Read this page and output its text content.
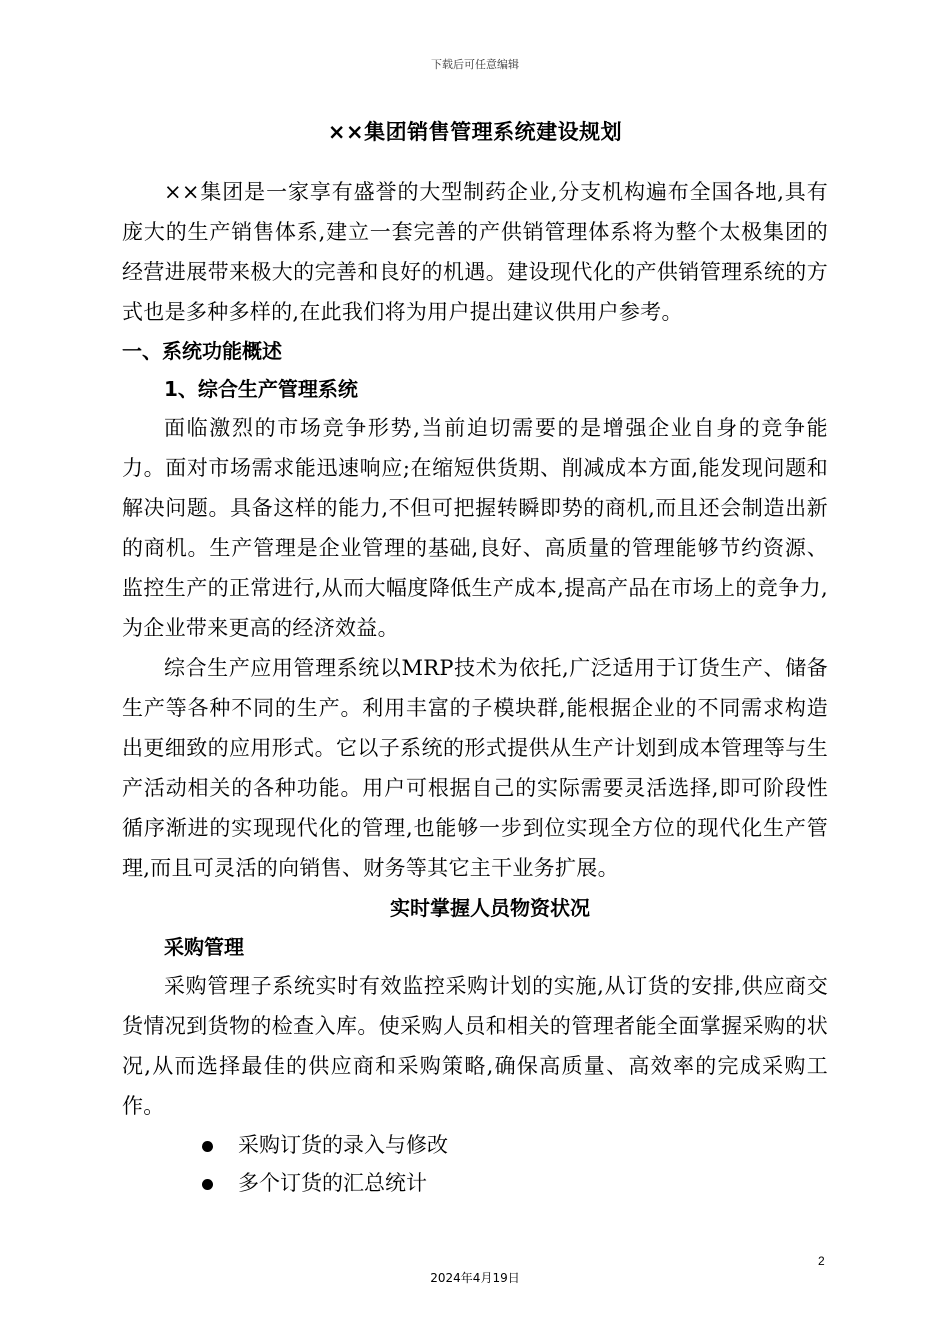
下载后可任意编辑
××集团销售管理系统建设规划

××集团是一家享有盛誉的大型制药企业,分支机构遍布全国各地,具有庞大的生产销售体系,建立一套完善的产供销管理体系将为整个太极集团的经营进展带来极大的完善和良好的机遇。建设现代化的产供销管理系统的方式也是多种多样的,在此我们将为用户提出建议供用户参考。

一、系统功能概述

1、综合生产管理系统

面临激烈的市场竞争形势,当前迫切需要的是增强企业自身的竞争能力。面对市场需求能迅速响应;在缩短供货期、削减成本方面,能发现问题和解决问题。具备这样的能力,不但可把握转瞬即势的商机,而且还会制造出新的商机。生产管理是企业管理的基础,良好、高质量的管理能够节约资源、监控生产的正常进行,从而大幅度降低生产成本,提高产品在市场上的竞争力,为企业带来更高的经济效益。

综合生产应用管理系统以MRP技术为依托,广泛适用于订货生产、储备生产等各种不同的生产。利用丰富的子模块群,能根据企业的不同需求构造出更细致的应用形式。它以子系统的形式提供从生产计划到成本管理等与生产活动相关的各种功能。用户可根据自己的实际需要灵活选择,即可阶段性循序渐进的实现现代化的管理,也能够一步到位实现全方位的现代化生产管理,而且可灵活的向销售、财务等其它主干业务扩展。

实时掌握人员物资状况

采购管理

采购管理子系统实时有效监控采购计划的实施,从订货的安排,供应商交货情况到货物的检查入库。使采购人员和相关的管理者能全面掌握采购的状况,从而选择最佳的供应商和采购策略,确保高质量、高效率的完成采购工作。

采购订货的录入与修改
多个订货的汇总统计
2
2024年4月19日
